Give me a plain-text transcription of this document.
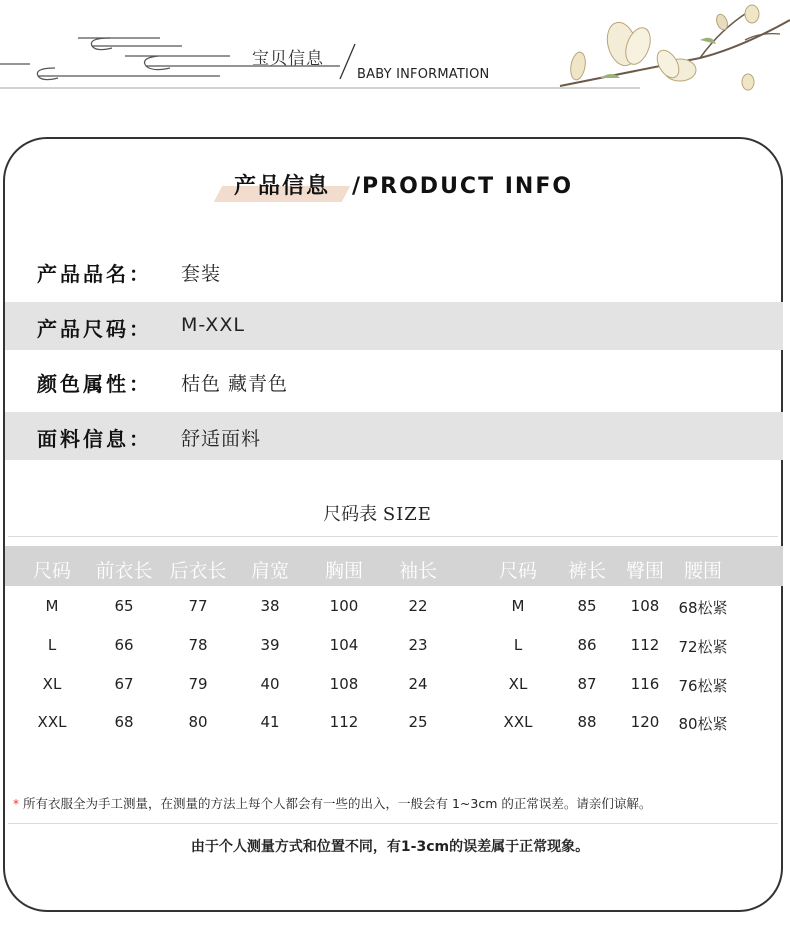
宝贝信息
BABY INFORMATION
产品信息 /PRODUCT INFO
产品品名： 套装
产品尺码： M-XXL
颜色属性： 桔色 藏青色
面料信息： 舒适面料
尺码表 SIZE
尺码 前衣长 后衣长 肩宽 胸围 袖长	尺码 裤长 臀围 腰围
M	65	77	38	100	22	M	85 108 68松紧
L	66	78	39	104	23	L	86 112 72松紧
XL	67	79	40	108	24	XL	87 116 76松紧
XXL	68	80	41	112	25	XXL	88 120 80松紧
* 所有衣服全为手工测量，在测量的方法上每个人都会有一些的出入，一般会有 1~3cm 的正常误差。请亲们谅解。
由于个人测量方式和位置不同，有1-3cm的误差属于正常现象。
